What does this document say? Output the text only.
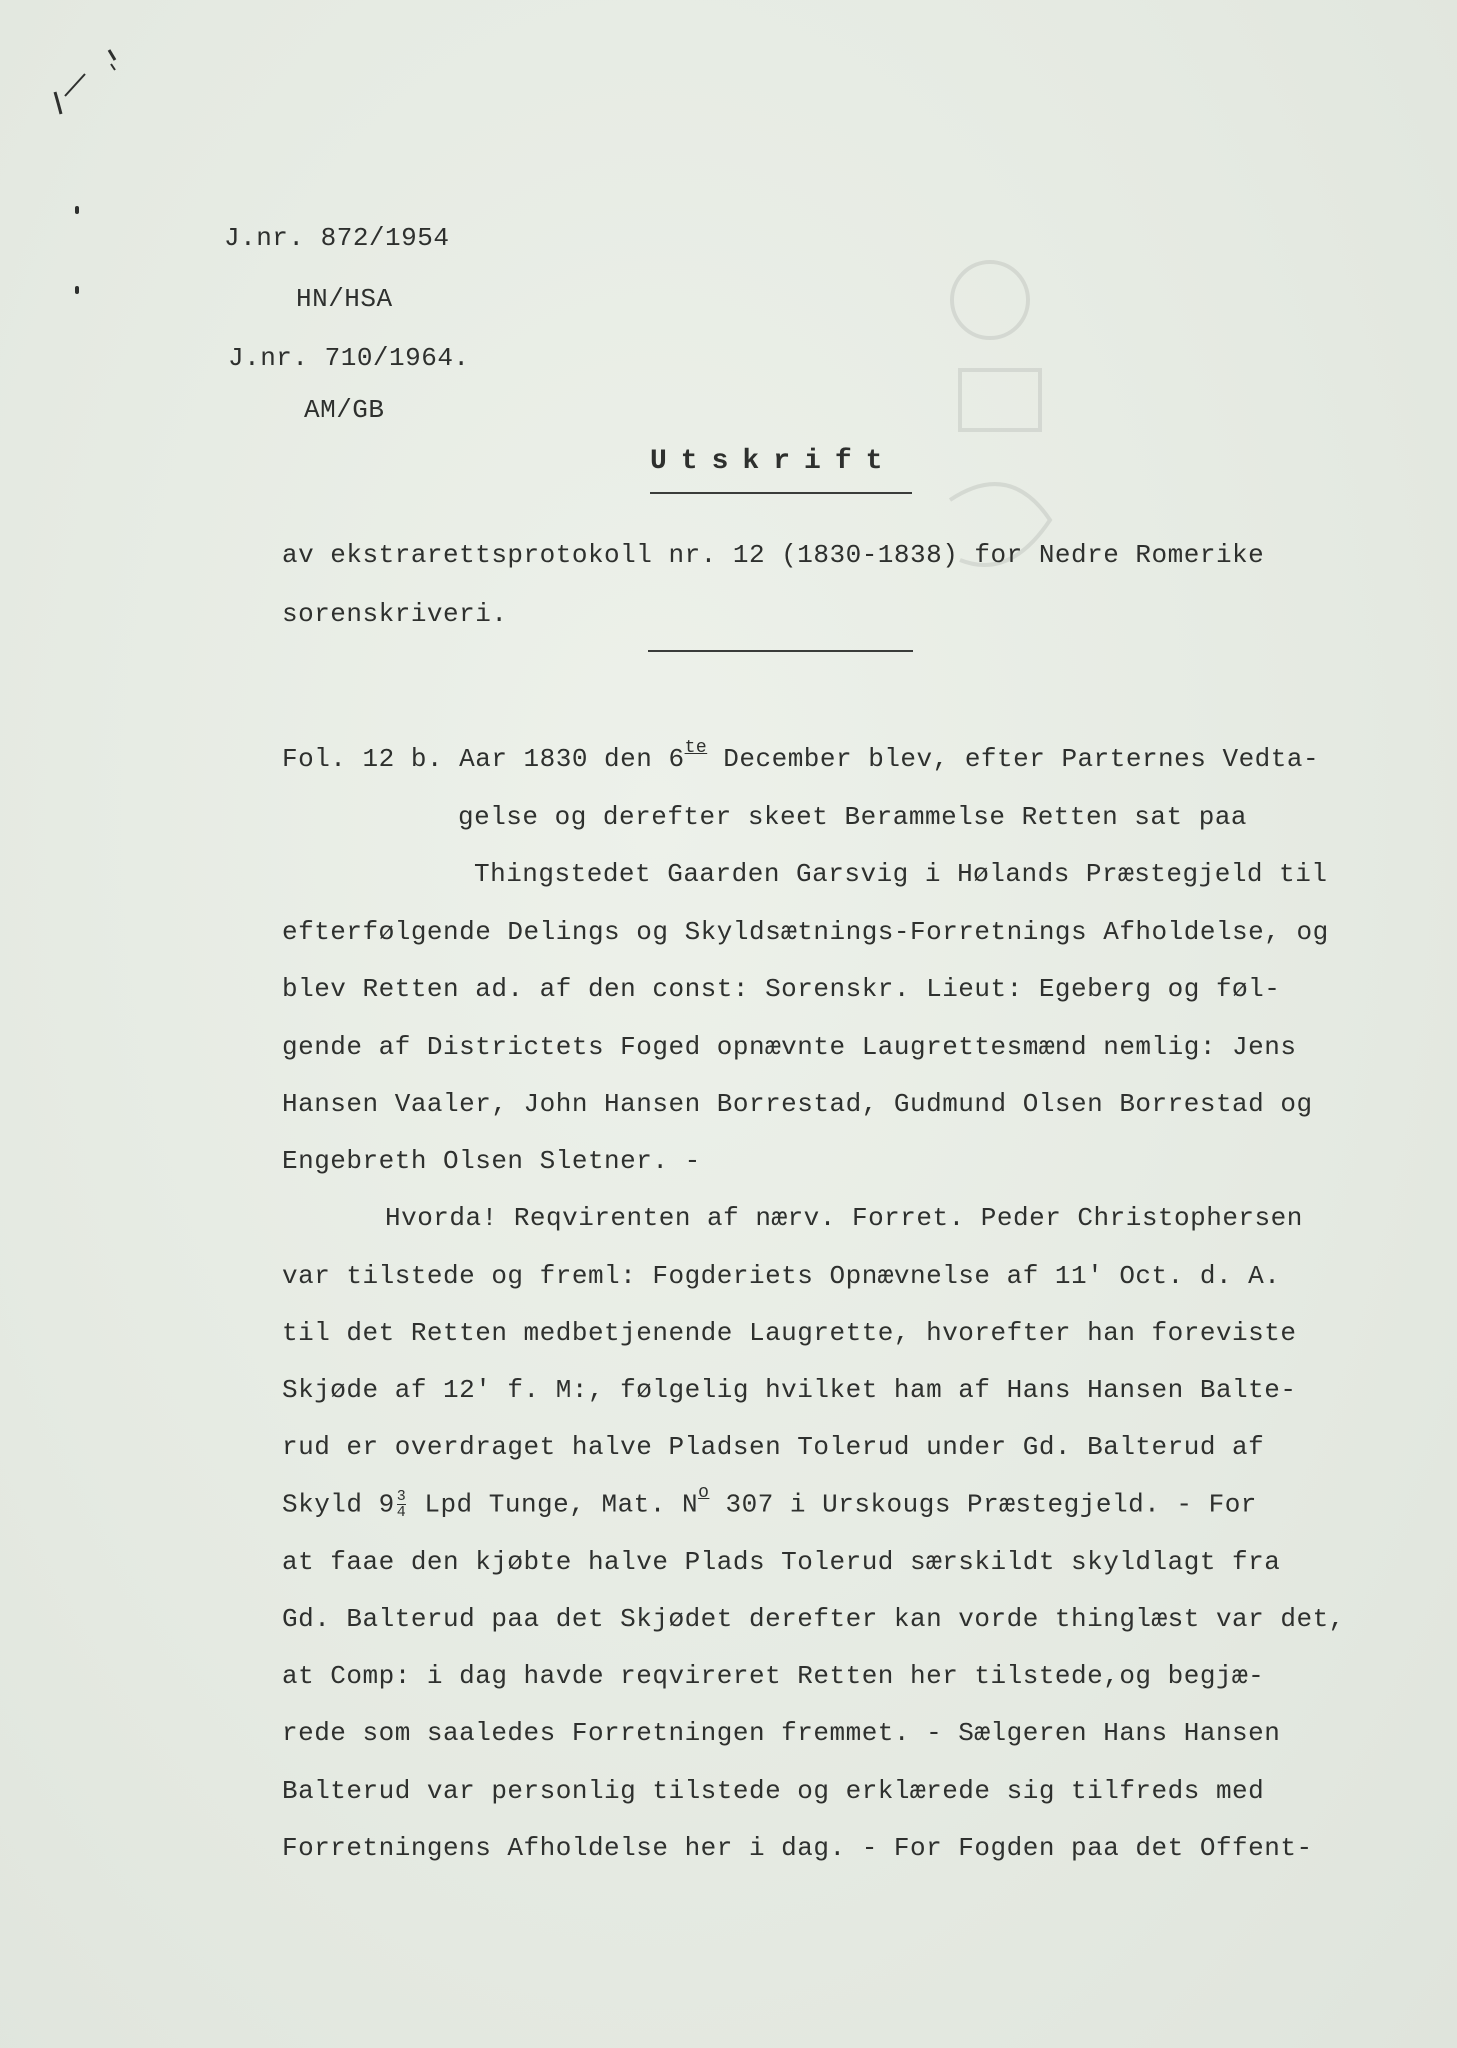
J.nr. 872/1954
HN/HSA
J.nr. 710/1964.
AM/GB
Utskrift
av ekstrarettsprotokoll nr. 12 (1830-1838) for Nedre Romerike
sorenskriveri.
Fol. 12 b. Aar 1830 den $6^{te}$ December blev, efter Parternes Vedta-
gelse og derefter skeet Berammelse Retten sat paa
Thingstedet Gaarden Garsvig i Hølands Præstegjeld til
efterfølgende Delings og Skyldsætnings-Forretnings Afholdelse, og
blev Retten ad. af den const: Sorenskr. Lieut: Egeberg og føl-
gende af Districtets Foged opnævnte Laugrettesmænd nemlig: Jens
Hansen Vaaler, John Hansen Borrestad, Gudmund Olsen Borrestad og
Engebreth Olsen Sletner. -
Hvorda! Reqvirenten af nærv. Forret. Peder Christophersen
var tilstede og freml: Fogderiets Opnævnelse af 11' Oct. d. A.
til det Retten medbetjenende Laugrette, hvorefter han foreviste
Skjøde af 12' f. M:, følgelig hvilket ham af Hans Hansen Balte-
rud er overdraget halve Pladsen Tolerud under Gd. Balterud af
Skyld $9 \frac{3}{4}$ Lpd Tunge, Mat. $N^o$ 307 i Urskougs Præstegjeld. - For
at faae den kjøbte halve Plads Tolerud særskildt skyldlagt fra
Gd. Balterud paa det Skjødet derefter kan vorde thinglæst var det,
at Comp: i dag havde reqvireret Retten her tilstede,og begjæ-
rede som saaledes Forretningen fremmet. - Sælgeren Hans Hansen
Balterud var personlig tilstede og erklærede sig tilfreds med
Forretningens Afholdelse her i dag. - For Fogden paa det Offent-
